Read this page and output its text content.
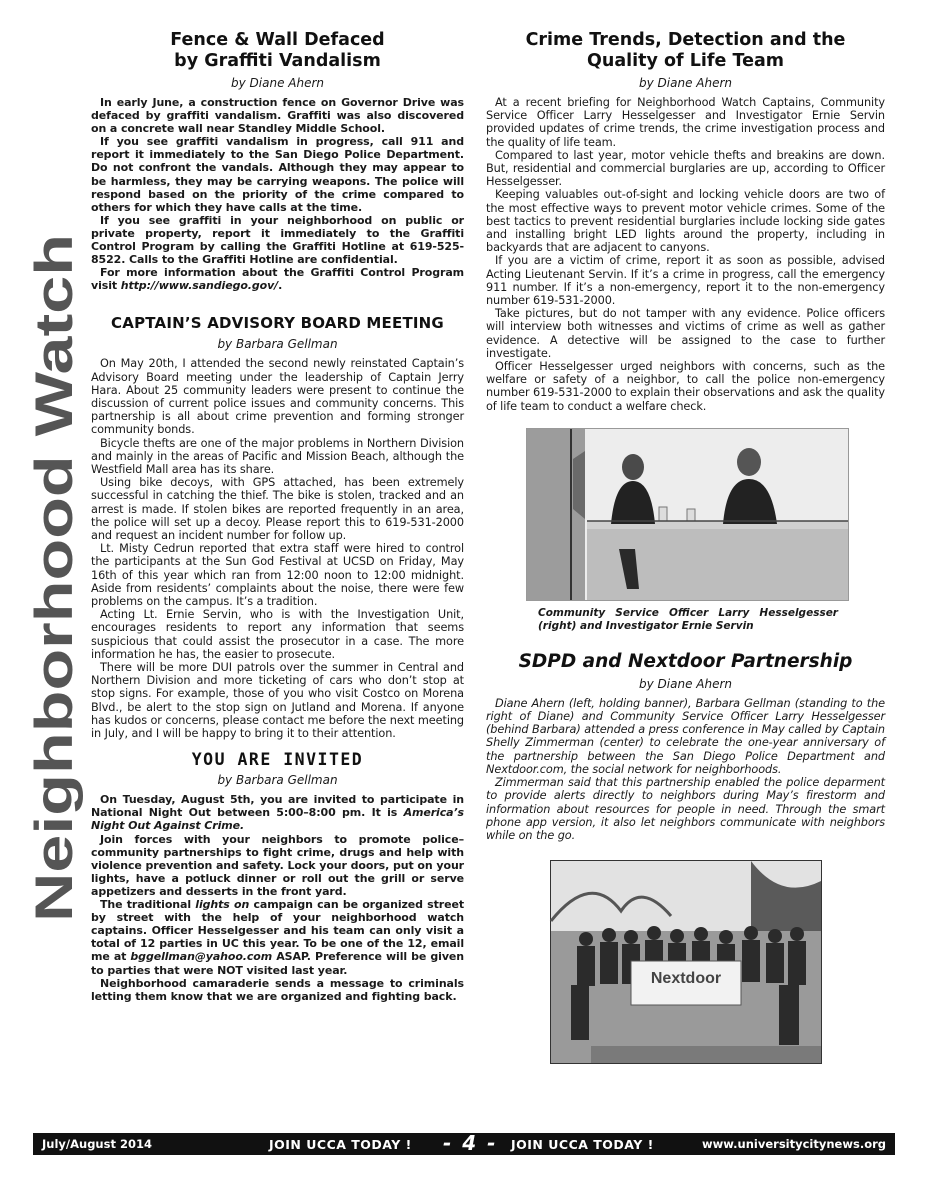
Neighborhood Watch
Fence & Wall Defaced
by Graffiti Vandalism
by Diane Ahern

In early June, a construction fence on Governor Drive was defaced by graffiti vandalism. Graffiti was also discovered on a concrete wall near Standley Middle School.

If you see graffiti vandalism in progress, call 911 and report it immediately to the San Diego Police Department. Do not confront the vandals. Although they may appear to be harmless, they may be carrying weapons. The police will respond based on the priority of the crime compared to others for which they have calls at the time.

If you see graffiti in your neighborhood on public or private property, report it immediately to the Graffiti Control Program by calling the Graffiti Hotline at 619-525-8522. Calls to the Graffiti Hotline are confidential.

For more information about the Graffiti Control Program visit http://www.sandiego.gov/.

CAPTAIN’S ADVISORY BOARD MEETING
by Barbara Gellman

On May 20th, I attended the second newly reinstated Captain’s Advisory Board meeting under the leadership of Captain Jerry Hara. About 25 community leaders were present to continue the discussion of current police issues and community concerns. This partnership is all about crime prevention and forming stronger community bonds.

Bicycle thefts are one of the major problems in Northern Division and mainly in the areas of Pacific and Mission Beach, although the Westfield Mall area has its share.

Using bike decoys, with GPS attached, has been extremely successful in catching the thief. The bike is stolen, tracked and an arrest is made. If stolen bikes are reported frequently in an area, the police will set up a decoy. Please report this to 619-531-2000 and request an incident number for follow up.

Lt. Misty Cedrun reported that extra staff were hired to control the participants at the Sun God Festival at UCSD on Friday, May 16th of this year which ran from 12:00 noon to 12:00 midnight. Aside from residents’ complaints about the noise, there were few problems on the campus. It’s a tradition.

Acting Lt. Ernie Servin, who is with the Investigation Unit, encourages residents to report any information that seems suspicious that could assist the prosecutor in a case. The more information he has, the easier to prosecute.

There will be more DUI patrols over the summer in Central and Northern Division and more ticketing of cars who don’t stop at stop signs. For example, those of you who visit Costco on Morena Blvd., be alert to the stop sign on Jutland and Morena. If anyone has kudos or concerns, please contact me before the next meeting in July, and I will be happy to bring it to their attention.

YOU ARE INVITED
by Barbara Gellman

On Tuesday, August 5th, you are invited to participate in National Night Out between 5:00–8:00 pm. It is America’s Night Out Against Crime.

Join forces with your neighbors to promote police–community partnerships to fight crime, drugs and help with violence prevention and safety. Lock your doors, put on your lights, have a potluck dinner or roll out the grill or serve appetizers and desserts in the front yard.

The traditional lights on campaign can be organized street by street with the help of your neighborhood watch captains. Officer Hesselgesser and his team can only visit a total of 12 parties in UC this year. To be one of the 12, email me at bggellman@yahoo.com ASAP. Preference will be given to parties that were NOT visited last year.

Neighborhood camaraderie sends a message to criminals letting them know that we are organized and fighting back.

Crime Trends, Detection and the
Quality of Life Team
by Diane Ahern

At a recent briefing for Neighborhood Watch Captains, Community Service Officer Larry Hesselgesser and Investigator Ernie Servin provided updates of crime trends, the crime investigation process and the quality of life team.

Compared to last year, motor vehicle thefts and breakins are down. But, residential and commercial burglaries are up, according to Officer Hesselgesser.

Keeping valuables out-of-sight and locking vehicle doors are two of the most effective ways to prevent motor vehicle crimes. Some of the best tactics to prevent residential burglaries include locking side gates and installing bright LED lights around the property, including in backyards that are adjacent to canyons.

If you are a victim of crime, report it as soon as possible, advised Acting Lieutenant Servin. If it’s a crime in progress, call the emergency 911 number. If it’s a non-emergency, report it to the non-emergency number 619-531-2000.

Take pictures, but do not tamper with any evidence. Police officers will interview both witnesses and victims of crime as well as gather evidence. A detective will be assigned to the case to further investigate.

Officer Hesselgesser urged neighbors with concerns, such as the welfare or safety of a neighbor, to call the police non-emergency number 619-531-2000 to explain their observations and ask the quality of life team to conduct a welfare check.

Community Service Officer Larry Hesselgesser (right) and Investigator Ernie Servin
SDPD and Nextdoor Partnership
by Diane Ahern

Diane Ahern (left, holding banner), Barbara Gellman (standing to the right of Diane) and Community Service Officer Larry Hesselgesser (behind Barbara) attended a press conference in May called by Captain Shelly Zimmerman (center) to celebrate the one-year anniversary of the partnership between the San Diego Police Department and Nextdoor.com, the social network for neighborhoods.

Zimmerman said that this partnership enabled the police deparment to provide alerts directly to neighbors during May’s firestorm and information about resources for people in need. Through the smart phone app version, it also let neighbors communicate with neighbors while on the go.

Nextdoor
July/August 2014	JOIN UCCA TODAY ! - 4 - JOIN UCCA TODAY !	www.universitycitynews.org
